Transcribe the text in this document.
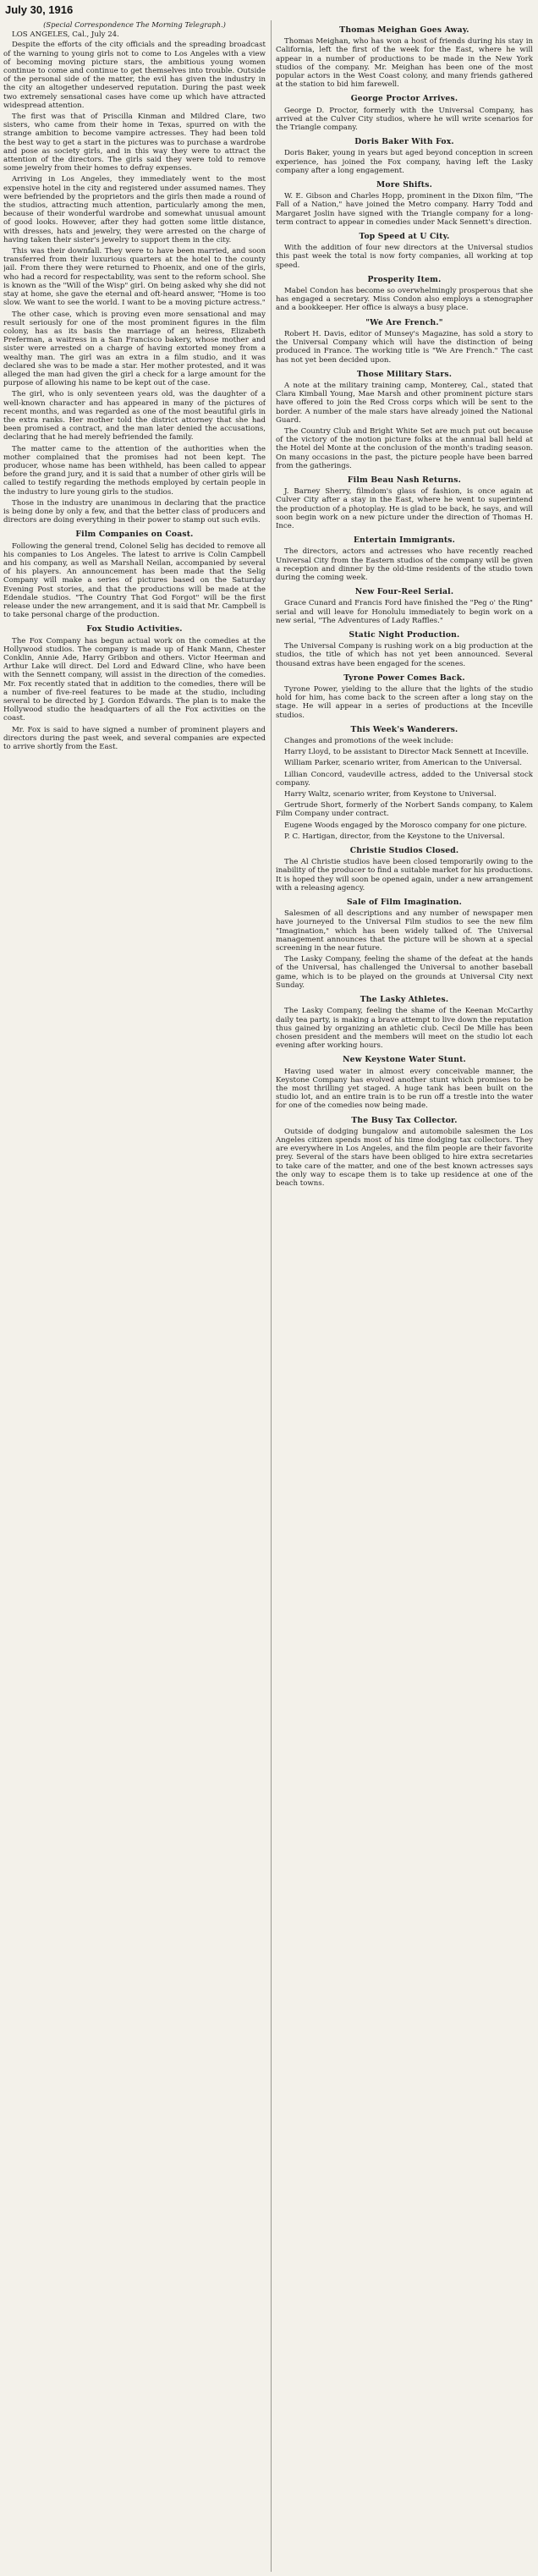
July 30, 1916
(Special Correspondence The Morning Telegraph.)
LOS ANGELES, Cal., July 24.

Despite the efforts of the city officials and the spreading broadcast of the warning to young girls not to come to Los Angeles with a view of becoming moving picture stars, the ambitious young women continue to come and continue to get themselves into trouble. Outside of the personal side of the matter, the evil has given the industry in the city an altogether undeserved reputation. During the past week two extremely sensational cases have come up which have attracted widespread attention.

The first was that of Priscilla Kinman and Mildred Clare, two sisters, who came from their home in Texas, spurred on with the strange ambition to become vampire actresses. They had been told the best way to get a start in the pictures was to purchase a wardrobe and pose as society girls, and in this way they were to attract the attention of the directors. The girls said they were told to remove some jewelry from their homes to defray expenses.

Arriving in Los Angeles, they immediately went to the most expensive hotel in the city and registered under assumed names. They were befriended by the proprietors and the girls then made a round of the studios, attracting much attention, particularly among the men, because of their wonderful wardrobe and somewhat unusual amount of good looks. However, after they had gotten some little distance, with dresses, hats and jewelry, they were arrested on the charge of having taken their sister's jewelry to support them in the city.

This was their downfall. They were to have been married, and soon transferred from their luxurious quarters at the hotel to the county jail. From there they were returned to Phoenix, and one of the girls, who had a record for respectability, was sent to the reform school. She is known as the "Will of the Wisp" girl. On being asked why she did not stay at home, she gave the eternal and oft-heard answer, "Home is too slow. We want to see the world. I want to be a moving picture actress."

The other case, which is proving even more sensational and may result seriously for one of the most prominent figures in the film colony, has as its basis the marriage of an heiress, Elizabeth Preferman, a waitress in a San Francisco bakery, whose mother and sister were arrested on a charge of having extorted money from a wealthy man. The girl was an extra in a film studio, and it was declared she was to be made a star. Her mother protested, and it was alleged the man had given the girl a check for a large amount for the purpose of allowing his name to be kept out of the case.

The girl, who is only seventeen years old, was the daughter of a well-known character and has appeared in many of the pictures of recent months, and was regarded as one of the most beautiful girls in the extra ranks. Her mother told the district attorney that she had been promised a contract, and the man later denied the accusations, declaring that he had merely befriended the family.

The matter came to the attention of the authorities when the mother complained that the promises had not been kept. The producer, whose name has been withheld, has been called to appear before the grand jury, and it is said that a number of other girls will be called to testify regarding the methods employed by certain people in the industry to lure young girls to the studios.

Those in the industry are unanimous in declaring that the practice is being done by only a few, and that the better class of producers and directors are doing everything in their power to stamp out such evils.

Film Companies on Coast.

Following the general trend, Colonel Selig has decided to remove all his companies to Los Angeles. The latest to arrive is Colin Campbell and his company, as well as Marshall Neilan, accompanied by several of his players. An announcement has been made that the Selig Company will make a series of pictures based on the Saturday Evening Post stories, and that the productions will be made at the Edendale studios. "The Country That God Forgot" will be the first release under the new arrangement, and it is said that Mr. Campbell is to take personal charge of the production.

Fox Studio Activities.

The Fox Company has begun actual work on the comedies at the Hollywood studios. The company is made up of Hank Mann, Chester Conklin, Annie Ade, Harry Gribbon and others. Victor Heerman and Arthur Lake will direct. Del Lord and Edward Cline, who have been with the Sennett company, will assist in the direction of the comedies. Mr. Fox recently stated that in addition to the comedies, there will be a number of five-reel features to be made at the studio, including several to be directed by J. Gordon Edwards. The plan is to make the Hollywood studio the headquarters of all the Fox activities on the coast.

Mr. Fox is said to have signed a number of prominent players and directors during the past week, and several companies are expected to arrive shortly from the East.

Thomas Meighan Goes Away.

Thomas Meighan, who has won a host of friends during his stay in California, left the first of the week for the East, where he will appear in a number of productions to be made in the New York studios of the company. Mr. Meighan has been one of the most popular actors in the West Coast colony, and many friends gathered at the station to bid him farewell.

George Proctor Arrives.

George D. Proctor, formerly with the Universal Company, has arrived at the Culver City studios, where he will write scenarios for the Triangle company.

Doris Baker With Fox.

Doris Baker, young in years but aged beyond conception in screen experience, has joined the Fox company, having left the Lasky company after a long engagement.

More Shifts.

W. E. Gibson and Charles Hopp, prominent in the Dixon film, "The Fall of a Nation," have joined the Metro company. Harry Todd and Margaret Joslin have signed with the Triangle company for a long-term contract to appear in comedies under Mack Sennett's direction.

Top Speed at U City.

With the addition of four new directors at the Universal studios this past week the total is now forty companies, all working at top speed.

Prosperity Item.

Mabel Condon has become so overwhelmingly prosperous that she has engaged a secretary. Miss Condon also employs a stenographer and a bookkeeper. Her office is always a busy place.

"We Are French."

Robert H. Davis, editor of Munsey's Magazine, has sold a story to the Universal Company which will have the distinction of being produced in France. The working title is "We Are French." The cast has not yet been decided upon.

Those Military Stars.

A note at the military training camp, Monterey, Cal., stated that Clara Kimball Young, Mae Marsh and other prominent picture stars have offered to join the Red Cross corps which will be sent to the border. A number of the male stars have already joined the National Guard.

The Country Club and Bright White Set are much put out because of the victory of the motion picture folks at the annual ball held at the Hotel del Monte at the conclusion of the month's trading season. On many occasions in the past, the picture people have been barred from the gatherings.

Film Beau Nash Returns.

J. Barney Sherry, filmdom's glass of fashion, is once again at Culver City after a stay in the East, where he went to superintend the production of a photoplay. He is glad to be back, he says, and will soon begin work on a new picture under the direction of Thomas H. Ince.

Entertain Immigrants.

The directors, actors and actresses who have recently reached Universal City from the Eastern studios of the company will be given a reception and dinner by the old-time residents of the studio town during the coming week.

New Four-Reel Serial.

Grace Cunard and Francis Ford have finished the "Peg o' the Ring" serial and will leave for Honolulu immediately to begin work on a new serial, "The Adventures of Lady Raffles."

Static Night Production.

The Universal Company is rushing work on a big production at the studios, the title of which has not yet been announced. Several thousand extras have been engaged for the scenes.

Tyrone Power Comes Back.

Tyrone Power, yielding to the allure that the lights of the studio hold for him, has come back to the screen after a long stay on the stage. He will appear in a series of productions at the Inceville studios.

This Week's Wanderers.

Changes and promotions of the week include:

Harry Lloyd, to be assistant to Director Mack Sennett at Inceville.

William Parker, scenario writer, from American to the Universal.

Lillian Concord, vaudeville actress, added to the Universal stock company.

Harry Waltz, scenario writer, from Keystone to Universal.

Gertrude Short, formerly of the Norbert Sands company, to Kalem Film Company under contract.

Eugene Woods engaged by the Morosco company for one picture.

P. C. Hartigan, director, from the Keystone to the Universal.

Christie Studios Closed.

The Al Christie studios have been closed temporarily owing to the inability of the producer to find a suitable market for his productions. It is hoped they will soon be opened again, under a new arrangement with a releasing agency.

Sale of Film Imagination.

Salesmen of all descriptions and any number of newspaper men have journeyed to the Universal Film studios to see the new film "Imagination," which has been widely talked of. The Universal management announces that the picture will be shown at a special screening in the near future.

The Lasky Company, feeling the shame of the defeat at the hands of the Universal, has challenged the Universal to another baseball game, which is to be played on the grounds at Universal City next Sunday.

The Lasky Athletes.

The Lasky Company, feeling the shame of the Keenan McCarthy daily tea party, is making a brave attempt to live down the reputation thus gained by organizing an athletic club. Cecil De Mille has been chosen president and the members will meet on the studio lot each evening after working hours.

New Keystone Water Stunt.

Having used water in almost every conceivable manner, the Keystone Company has evolved another stunt which promises to be the most thrilling yet staged. A huge tank has been built on the studio lot, and an entire train is to be run off a trestle into the water for one of the comedies now being made.

The Busy Tax Collector.

Outside of dodging bungalow and automobile salesmen the Los Angeles citizen spends most of his time dodging tax collectors. They are everywhere in Los Angeles, and the film people are their favorite prey. Several of the stars have been obliged to hire extra secretaries to take care of the matter, and one of the best known actresses says the only way to escape them is to take up residence at one of the beach towns.
